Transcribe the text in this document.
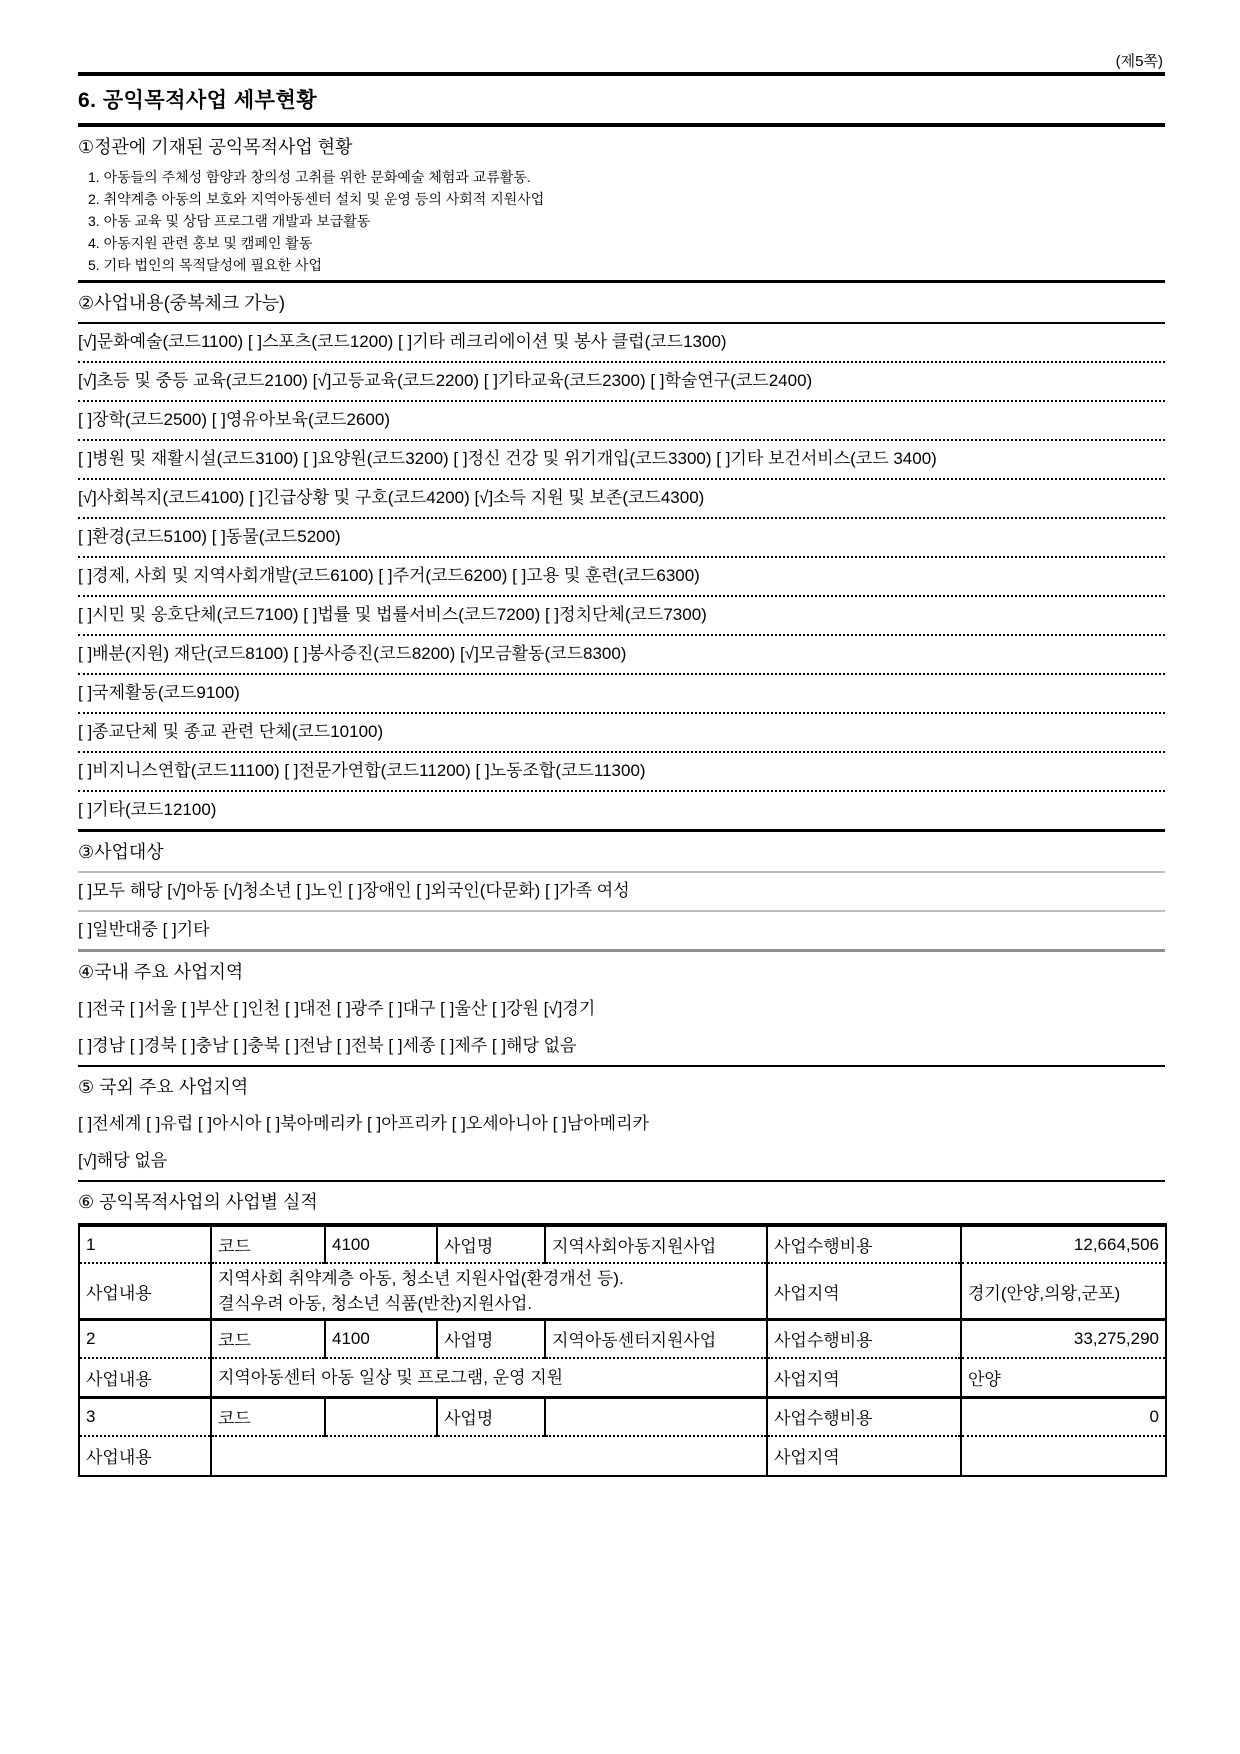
(제5쪽)
6. 공익목적사업 세부현황
①정관에 기재된 공익목적사업 현황
1. 아동들의 주체성 함양과 창의성 고취를 위한 문화예술 체험과 교류활동.
2. 취약계층 아동의 보호와 지역아동센터 설치 및 운영 등의 사회적 지원사업
3. 아동 교육 및 상담 프로그램 개발과 보급활동
4. 아동지원 관련 홍보 및 캠페인 활동
5. 기타 법인의 목적달성에 필요한 사업
②사업내용(중복체크 가능)
[√]문화예술(코드1100) [ ]스포츠(코드1200) [ ]기타 레크리에이션 및 봉사 클럽(코드1300)
[√]초등 및 중등 교육(코드2100) [√]고등교육(코드2200) [ ]기타교육(코드2300) [ ]학술연구(코드2400)
[ ]장학(코드2500) [ ]영유아보육(코드2600)
[ ]병원 및 재활시설(코드3100) [ ]요양원(코드3200) [ ]정신 건강 및 위기개입(코드3300) [ ]기타 보건서비스(코드 3400)
[√]사회복지(코드4100) [ ]긴급상황 및 구호(코드4200) [√]소득 지원 및 보존(코드4300)
[ ]환경(코드5100) [ ]동물(코드5200)
[ ]경제, 사회 및 지역사회개발(코드6100) [ ]주거(코드6200) [ ]고용 및 훈련(코드6300)
[ ]시민 및 옹호단체(코드7100) [ ]법률 및 법률서비스(코드7200) [ ]정치단체(코드7300)
[ ]배분(지원) 재단(코드8100) [ ]봉사증진(코드8200) [√]모금활동(코드8300)
[ ]국제활동(코드9100)
[ ]종교단체 및 종교 관련 단체(코드10100)
[ ]비지니스연합(코드11100) [ ]전문가연합(코드11200) [ ]노동조합(코드11300)
[ ]기타(코드12100)
③사업대상
[ ]모두 해당 [√]아동 [√]청소년 [ ]노인 [ ]장애인 [ ]외국인(다문화) [ ]가족 여성
[ ]일반대중 [ ]기타
④국내 주요 사업지역
[ ]전국 [ ]서울 [ ]부산 [ ]인천 [ ]대전 [ ]광주 [ ]대구 [ ]울산 [ ]강원 [√]경기
[ ]경남 [ ]경북 [ ]충남 [ ]충북 [ ]전남 [ ]전북 [ ]세종 [ ]제주 [ ]해당 없음
⑤ 국외 주요 사업지역
[ ]전세계 [ ]유럽 [ ]아시아 [ ]북아메리카 [ ]아프리카 [ ]오세아니아 [ ]남아메리카
[√]해당 없음
⑥ 공익목적사업의 사업별 실적
1	코드	4100	사업명	지역사회아동지원사업	사업수행비용	12,664,506
사업내용	지역사회 취약계층 아동, 청소년 지원사업(환경개선 등).
결식우려 아동, 청소년 식품(반찬)지원사업.				사업지역	경기(안양,의왕,군포)
2	코드	4100	사업명	지역아동센터지원사업	사업수행비용	33,275,290
사업내용	지역아동센터 아동 일상 및 프로그램, 운영 지원				사업지역	안양
3	코드		사업명		사업수행비용	0
사업내용					사업지역	
